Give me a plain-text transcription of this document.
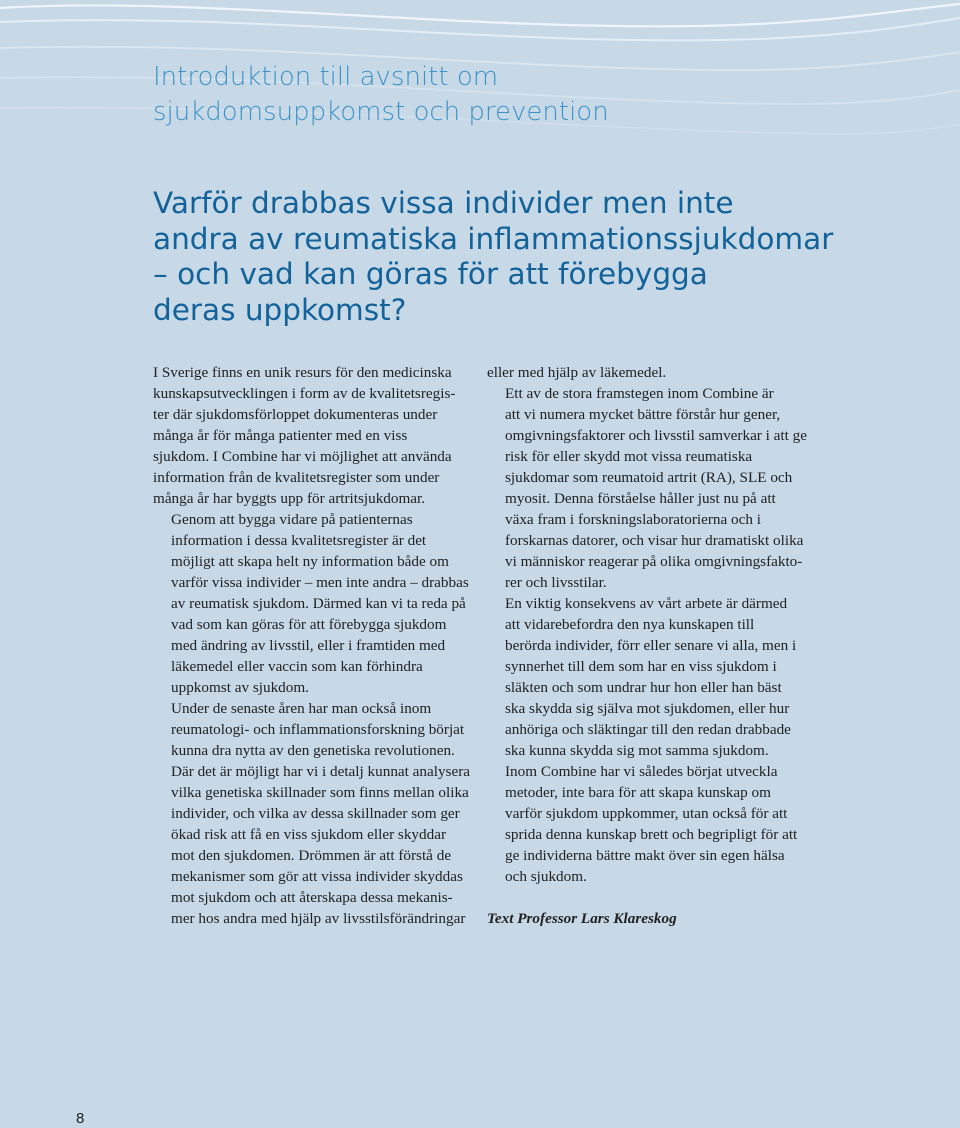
Introduktion till avsnitt om
sjukdomsuppkomst och prevention
Varför drabbas vissa individer men inte
andra av reumatiska inflammationssjukdomar
– och vad kan göras för att förebygga
deras uppkomst?

I Sverige finns en unik resurs för den medicinska
kunskapsutvecklingen i form av de kvalitetsregis-
ter där sjukdomsförloppet dokumenteras under
många år för många patienter med en viss
sjukdom. I Combine har vi möjlighet att använda
information från de kvalitetsregister som under
många år har byggts upp för artritsjukdomar.

Genom att bygga vidare på patienternas
information i dessa kvalitetsregister är det
möjligt att skapa helt ny information både om
varför vissa individer – men inte andra – drabbas
av reumatisk sjukdom. Därmed kan vi ta reda på
vad som kan göras för att förebygga sjukdom
med ändring av livsstil, eller i framtiden med
läkemedel eller vaccin som kan förhindra
uppkomst av sjukdom.

Under de senaste åren har man också inom
reumatologi- och inflammationsforskning börjat
kunna dra nytta av den genetiska revolutionen.
Där det är möjligt har vi i detalj kunnat analysera
vilka genetiska skillnader som finns mellan olika
individer, och vilka av dessa skillnader som ger
ökad risk att få en viss sjukdom eller skyddar
mot den sjukdomen. Drömmen är att förstå de
mekanismer som gör att vissa individer skyddas
mot sjukdom och att återskapa dessa mekanis-
mer hos andra med hjälp av livsstilsförändringar

eller med hjälp av läkemedel.

Ett av de stora framstegen inom Combine är
att vi numera mycket bättre förstår hur gener,
omgivningsfaktorer och livsstil samverkar i att ge
risk för eller skydd mot vissa reumatiska
sjukdomar som reumatoid artrit (RA), SLE och
myosit. Denna förståelse håller just nu på att
växa fram i forskningslaboratorierna och i
forskarnas datorer, och visar hur dramatiskt olika
vi människor reagerar på olika omgivningsfakto-
rer och livsstilar.

En viktig konsekvens av vårt arbete är därmed
att vidarebefordra den nya kunskapen till
berörda individer, förr eller senare vi alla, men i
synnerhet till dem som har en viss sjukdom i
släkten och som undrar hur hon eller han bäst
ska skydda sig själva mot sjukdomen, eller hur
anhöriga och släktingar till den redan drabbade
ska kunna skydda sig mot samma sjukdom.

Inom Combine har vi således börjat utveckla
metoder, inte bara för att skapa kunskap om
varför sjukdom uppkommer, utan också för att
sprida denna kunskap brett och begripligt för att
ge individerna bättre makt över sin egen hälsa
och sjukdom.

Text Professor Lars Klareskog

8
